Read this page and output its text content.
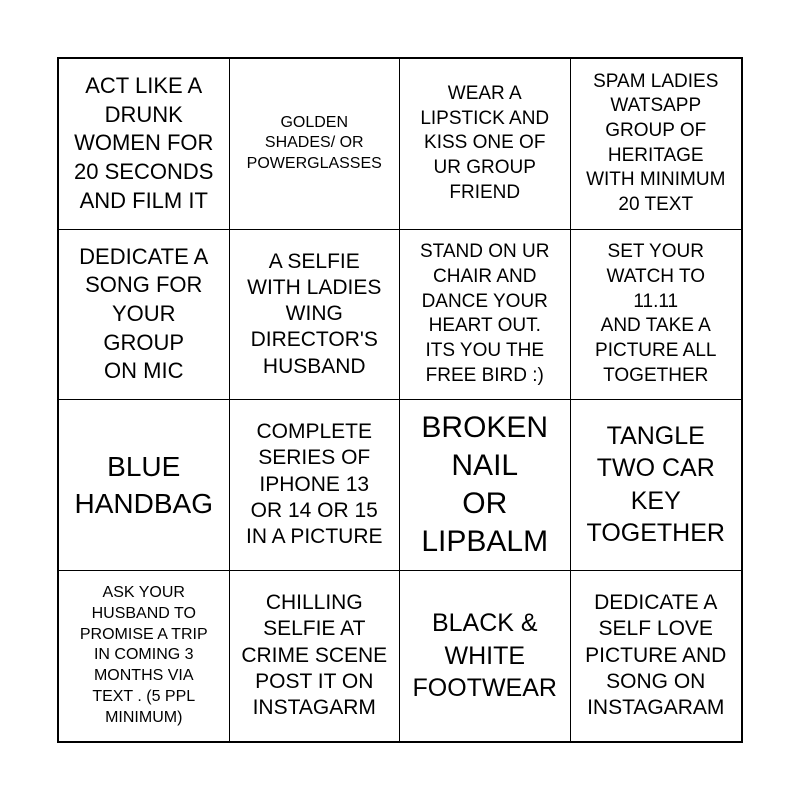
ACT LIKE A
DRUNK
WOMEN FOR
20 SECONDS
AND FILM IT
GOLDEN
SHADES/ OR
POWERGLASSES
WEAR A
LIPSTICK AND
KISS ONE OF
UR GROUP
FRIEND
SPAM LADIES
WATSAPP
GROUP OF
HERITAGE
WITH MINIMUM
20 TEXT
DEDICATE A
SONG FOR
YOUR
GROUP
ON MIC
A SELFIE
WITH LADIES
WING
DIRECTOR'S
HUSBAND
STAND ON UR
CHAIR AND
DANCE YOUR
HEART OUT.
ITS YOU THE
FREE BIRD :)
SET YOUR
WATCH TO
11.11
AND TAKE A
PICTURE ALL
TOGETHER
BLUE
HANDBAG
COMPLETE
SERIES OF
IPHONE 13
OR 14 OR 15
IN A PICTURE
BROKEN
NAIL
OR
LIPBALM
TANGLE
TWO CAR
KEY
TOGETHER
ASK YOUR
HUSBAND TO
PROMISE A TRIP
IN COMING 3
MONTHS VIA
TEXT . (5 PPL
MINIMUM)
CHILLING
SELFIE AT
CRIME SCENE
POST IT ON
INSTAGARM
BLACK &
WHITE
FOOTWEAR
DEDICATE A
SELF LOVE
PICTURE AND
SONG ON
INSTAGARAM
